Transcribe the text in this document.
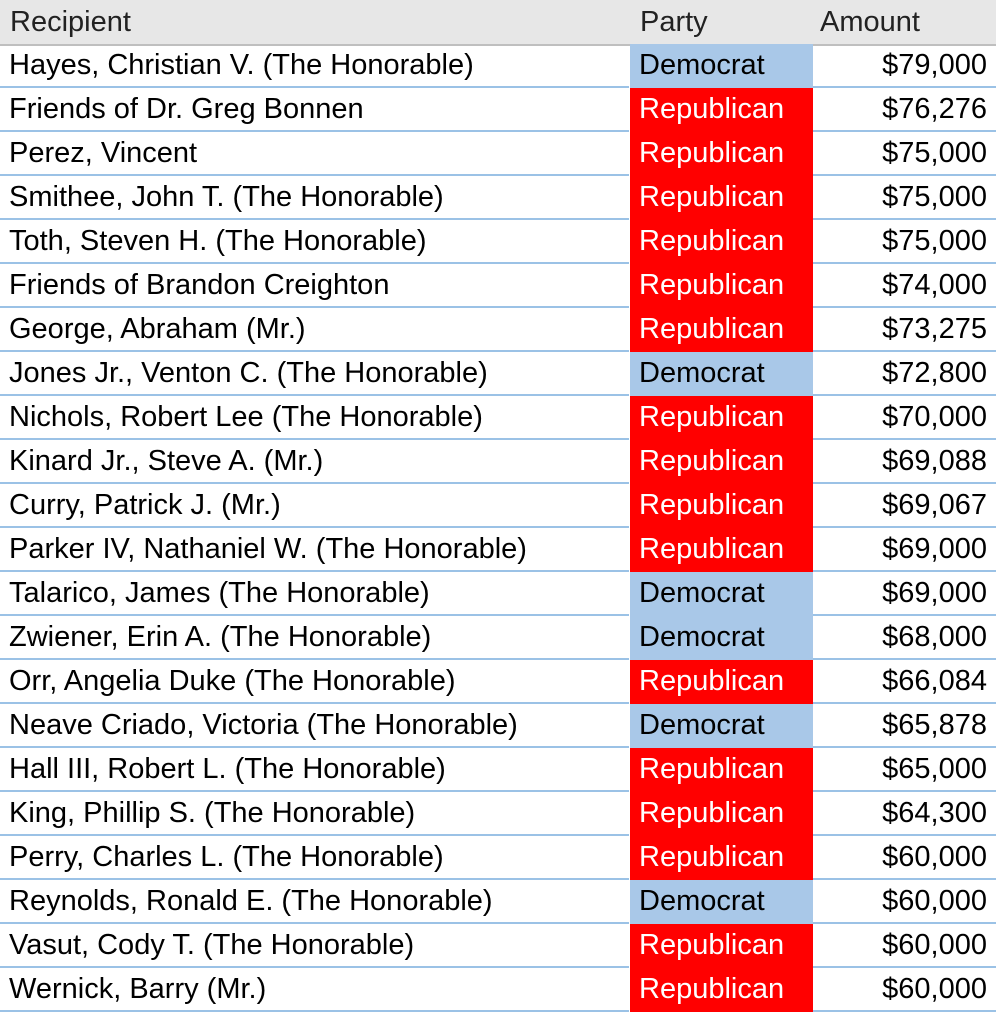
Recipient	Party	Amount
Hayes, Christian V. (The Honorable)	Democrat	$79,000
Friends of Dr. Greg Bonnen	Republican	$76,276
Perez, Vincent	Republican	$75,000
Smithee, John T. (The Honorable)	Republican	$75,000
Toth, Steven H. (The Honorable)	Republican	$75,000
Friends of Brandon Creighton	Republican	$74,000
George, Abraham (Mr.)	Republican	$73,275
Jones Jr., Venton C. (The Honorable)	Democrat	$72,800
Nichols, Robert Lee (The Honorable)	Republican	$70,000
Kinard Jr., Steve A. (Mr.)	Republican	$69,088
Curry, Patrick J. (Mr.)	Republican	$69,067
Parker IV, Nathaniel W. (The Honorable)	Republican	$69,000
Talarico, James (The Honorable)	Democrat	$69,000
Zwiener, Erin A. (The Honorable)	Democrat	$68,000
Orr, Angelia Duke (The Honorable)	Republican	$66,084
Neave Criado, Victoria (The Honorable)	Democrat	$65,878
Hall III, Robert L. (The Honorable)	Republican	$65,000
King, Phillip S. (The Honorable)	Republican	$64,300
Perry, Charles L. (The Honorable)	Republican	$60,000
Reynolds, Ronald E. (The Honorable)	Democrat	$60,000
Vasut, Cody T. (The Honorable)	Republican	$60,000
Wernick, Barry (Mr.)	Republican	$60,000
